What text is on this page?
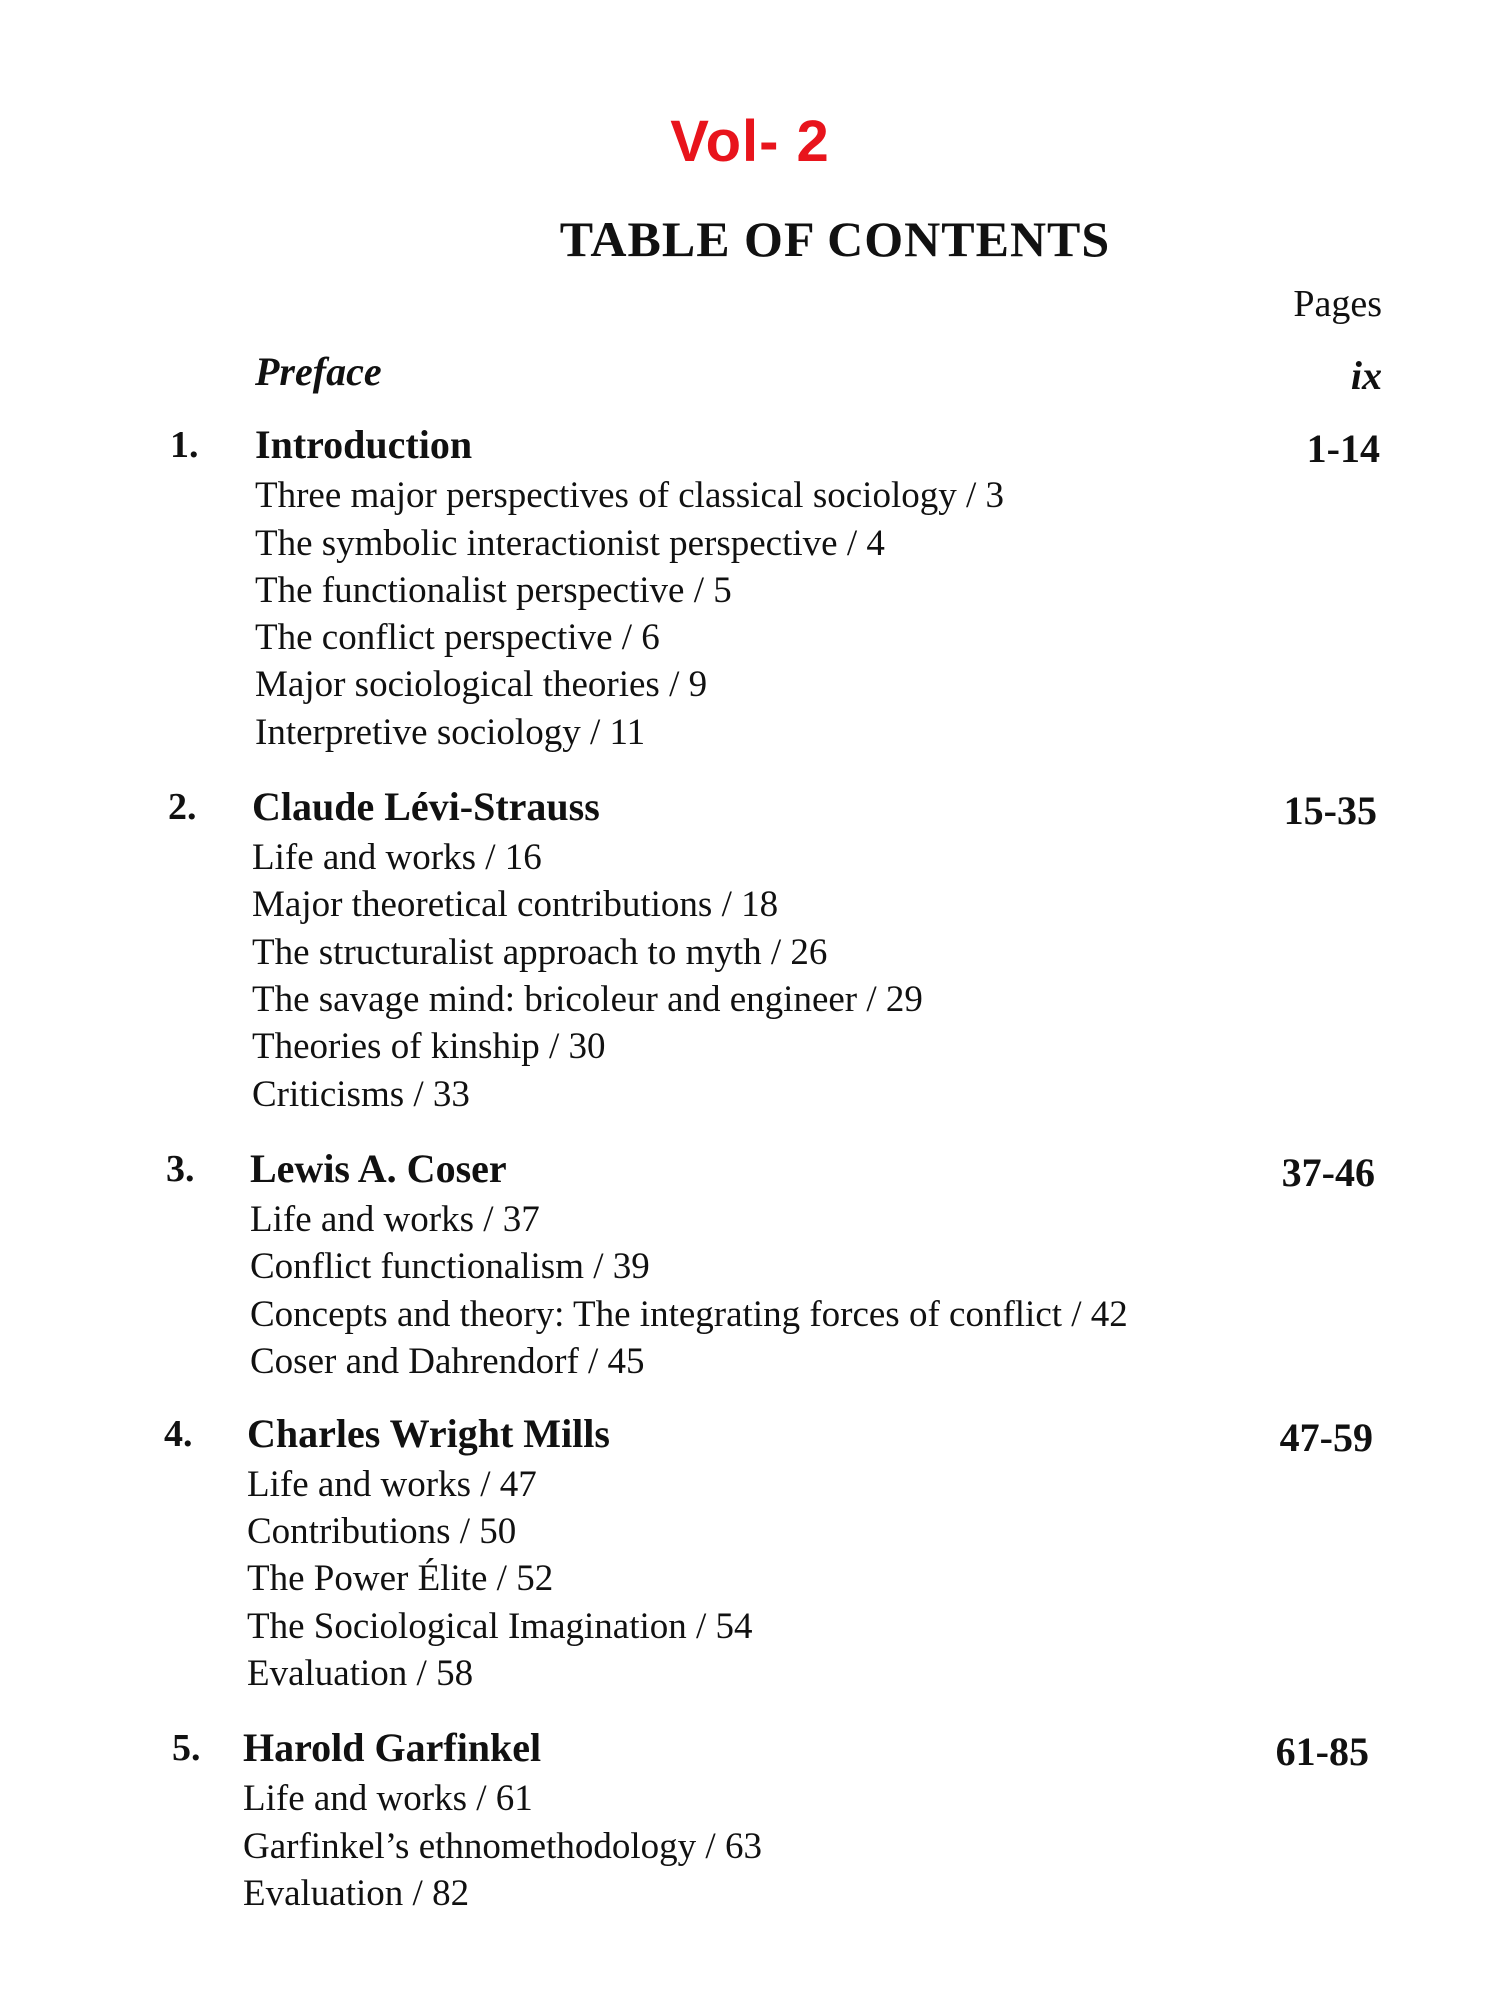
Vol- 2
TABLE OF CONTENTS
Pages
Preface	ix
1. Introduction	1-14
Three major perspectives of classical sociology / 3
The symbolic interactionist perspective / 4
The functionalist perspective / 5
The conflict perspective / 6
Major sociological theories / 9
Interpretive sociology / 11
2. Claude Lévi-Strauss	15-35
Life and works / 16
Major theoretical contributions / 18
The structuralist approach to myth / 26
The savage mind: bricoleur and engineer / 29
Theories of kinship / 30
Criticisms / 33
3. Lewis A. Coser	37-46
Life and works / 37
Conflict functionalism / 39
Concepts and theory: The integrating forces of conflict / 42
Coser and Dahrendorf / 45
4. Charles Wright Mills	47-59
Life and works / 47
Contributions / 50
The Power Élite / 52
The Sociological Imagination / 54
Evaluation / 58
5. Harold Garfinkel	61-85
Life and works / 61
Garfinkel’s ethnomethodology / 63
Evaluation / 82
